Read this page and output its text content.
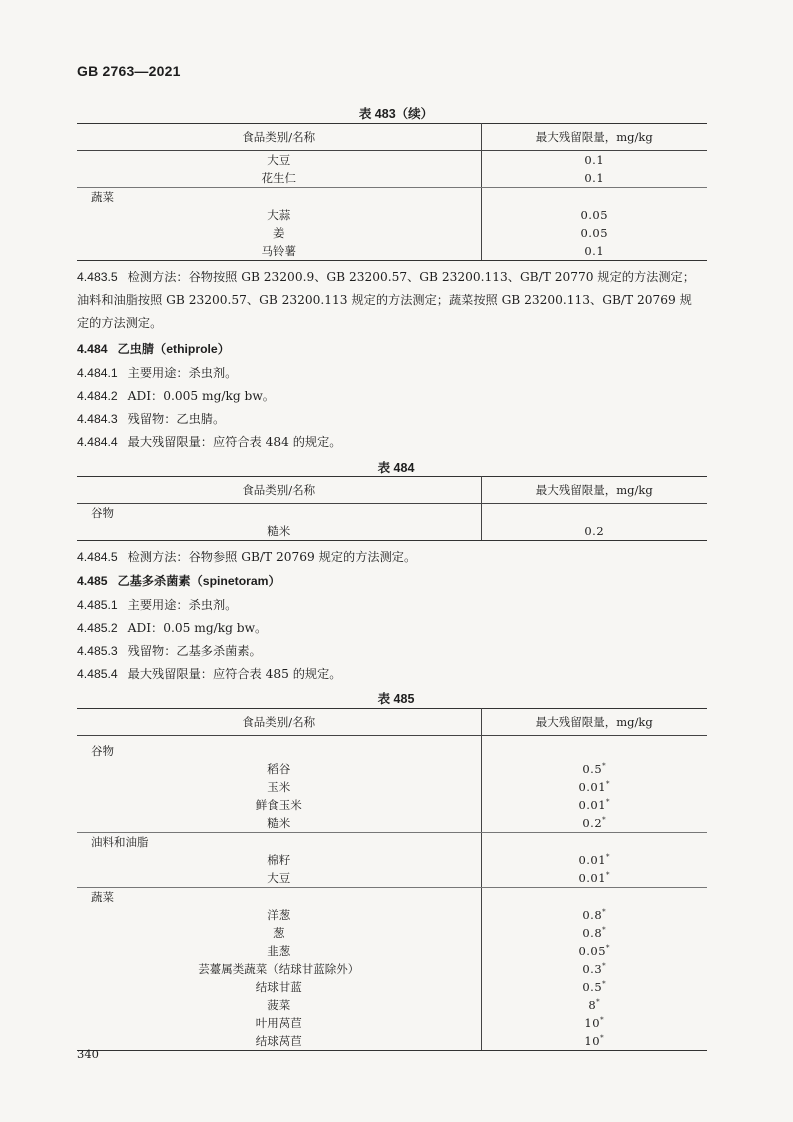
GB 2763—2021
表 483（续）
食品类别/名称	最大残留限量，mg/kg
大豆	0.1
花生仁	0.1
蔬菜	
大蒜	0.05
姜	0.05
马铃薯	0.1
4.483.5 检测方法：谷物按照 GB 23200.9、GB 23200.57、GB 23200.113、GB/T 20770 规定的方法测定；
油料和油脂按照 GB 23200.57、GB 23200.113 规定的方法测定；蔬菜按照 GB 23200.113、GB/T 20769 规
定的方法测定。
4.484 乙虫腈（ethiprole）
4.484.1 主要用途：杀虫剂。
4.484.2 ADI：0.005 mg/kg bw。
4.484.3 残留物：乙虫腈。
4.484.4 最大残留限量：应符合表 484 的规定。
表 484
食品类别/名称	最大残留限量，mg/kg
谷物	
糙米	0.2
4.484.5 检测方法：谷物参照 GB/T 20769 规定的方法测定。
4.485 乙基多杀菌素（spinetoram）
4.485.1 主要用途：杀虫剂。
4.485.2 ADI：0.05 mg/kg bw。
4.485.3 残留物：乙基多杀菌素。
4.485.4 最大残留限量：应符合表 485 的规定。
表 485
食品类别/名称	最大残留限量，mg/kg

谷物	
稻谷	0.5*
玉米	0.01*
鲜食玉米	0.01*
糙米	0.2*
油料和油脂	
棉籽	0.01*
大豆	0.01*
蔬菜	
洋葱	0.8*
葱	0.8*
韭葱	0.05*
芸薹属类蔬菜（结球甘蓝除外）	0.3*
结球甘蓝	0.5*
菠菜	8*
叶用莴苣	10*
结球莴苣	10*
340
